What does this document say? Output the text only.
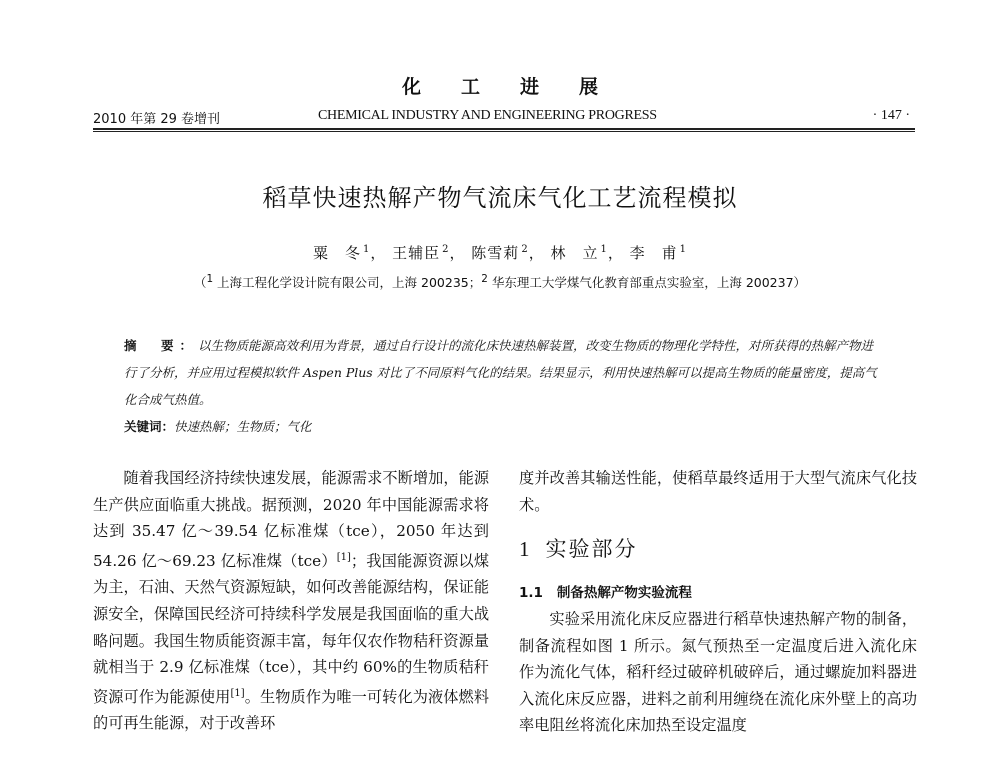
化工进展
2010 年第 29 卷增刊	CHEMICAL INDUSTRY AND ENGINEERING PROGRESS	· 147 ·
稻草快速热解产物气流床气化工艺流程模拟
粟　冬 $^1$， 王辅臣 $^2$， 陈雪莉 $^2$， 林　立 $^1$， 李　甫 $^1$
（$^1$ 上海工程化学设计院有限公司，上海 200235；$^2$ 华东理工大学煤气化教育部重点实验室，上海 200237）
摘　要：以生物质能源高效利用为背景，通过自行设计的流化床快速热解装置，改变生物质的物理化学特性，对所获得的热解产物进行了分析，并应用过程模拟软件 Aspen Plus 对比了不同原料气化的结果。结果显示，利用快速热解可以提高生物质的能量密度，提高气化合成气热值。
关键词：快速热解；生物质；气化
随着我国经济持续快速发展，能源需求不断增加，能源生产供应面临重大挑战。据预测，2020 年中国能源需求将达到 35.47 亿～39.54 亿标准煤（tce），2050 年达到 54.26 亿～69.23 亿标准煤（tce）[1]；我国能源资源以煤为主，石油、天然气资源短缺，如何改善能源结构，保证能源安全，保障国民经济可持续科学发展是我国面临的重大战略问题。我国生物质能资源丰富，每年仅农作物秸秆资源量就相当于 2.9 亿标准煤（tce），其中约 60%的生物质秸秆资源可作为能源使用[1]。生物质作为唯一可转化为液体燃料的可再生能源，对于改善环
度并改善其输送性能，使稻草最终适用于大型气流床气化技术。
1 实验部分
1.1 制备热解产物实验流程
实验采用流化床反应器进行稻草快速热解产物的制备，制备流程如图 1 所示。氮气预热至一定温度后进入流化床作为流化气体，稻秆经过破碎机破碎后，通过螺旋加料器进入流化床反应器，进料之前利用缠绕在流化床外壁上的高功率电阻丝将流化床加热至设定温度
